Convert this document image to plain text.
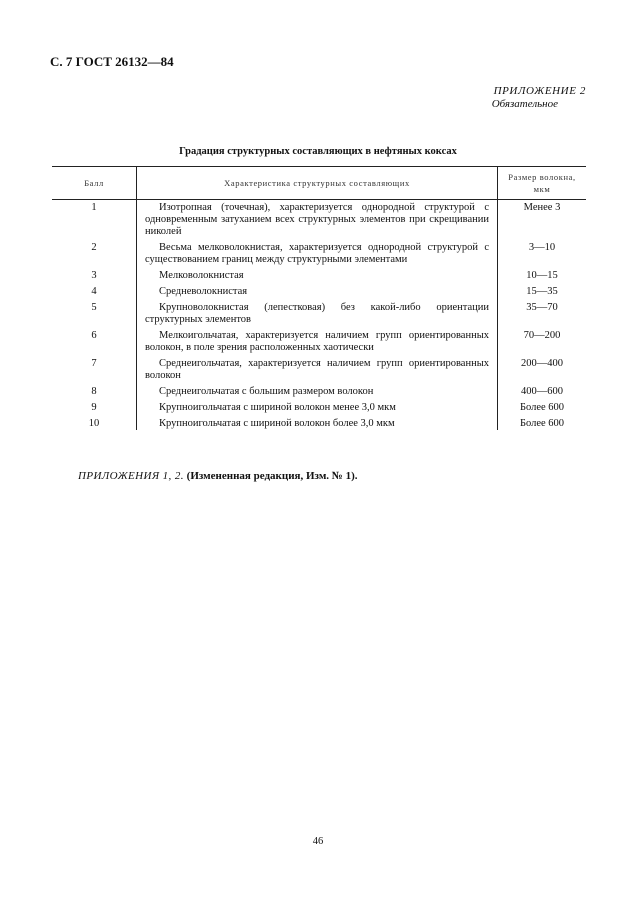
С. 7 ГОСТ 26132—84
ПРИЛОЖЕНИЕ 2
Обязательное
Градация структурных составляющих в нефтяных коксах
Балл	Характеристика структурных составляющих	Размер волокна, мкм
1	Изотропная (точечная), характеризуется однородной структурой с одновременным затуханием всех структурных элементов при скрещивании николей	Менее 3
2	Весьма мелковолокнистая, характеризуется однородной структурой с существованием границ между структурными элементами	3—10
3	Мелковолокнистая	10—15
4	Средневолокнистая	15—35
5	Крупноволокнистая (лепестковая) без какой-либо ориентации структурных элементов	35—70
6	Мелкоигольчатая, характеризуется наличием групп ориентированных волокон, в поле зрения расположенных хаотически	70—200
7	Среднеигольчатая, характеризуется наличием групп ориентированных волокон	200—400
8	Среднеигольчатая с большим размером волокон	400—600
9	Крупноигольчатая с шириной волокон менее 3,0 мкм	Более 600
10	Крупноигольчатая с шириной волокон более 3,0 мкм	Более 600
ПРИЛОЖЕНИЯ 1, 2. (Измененная редакция, Изм. № 1).
46
